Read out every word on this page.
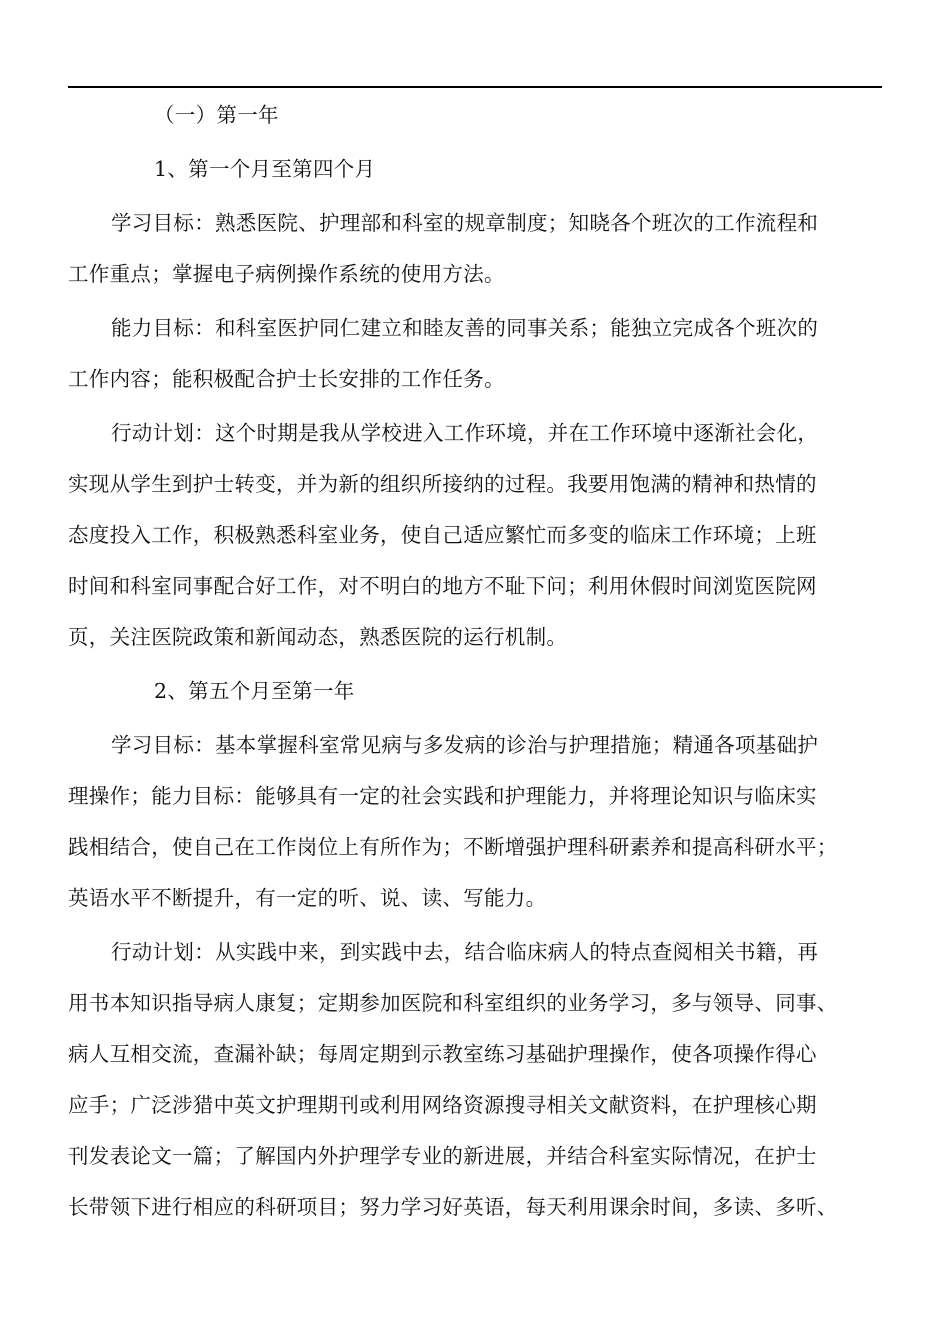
（一）第一年
1、第一个月至第四个月
学习目标：熟悉医院、护理部和科室的规章制度；知晓各个班次的工作流程和
工作重点；掌握电子病例操作系统的使用方法。
能力目标：和科室医护同仁建立和睦友善的同事关系；能独立完成各个班次的
工作内容；能积极配合护士长安排的工作任务。
行动计划：这个时期是我从学校进入工作环境，并在工作环境中逐渐社会化，
实现从学生到护士转变，并为新的组织所接纳的过程。我要用饱满的精神和热情的
态度投入工作，积极熟悉科室业务，使自己适应繁忙而多变的临床工作环境；上班
时间和科室同事配合好工作，对不明白的地方不耻下问；利用休假时间浏览医院网
页，关注医院政策和新闻动态，熟悉医院的运行机制。
2、第五个月至第一年
学习目标：基本掌握科室常见病与多发病的诊治与护理措施；精通各项基础护
理操作；能力目标：能够具有一定的社会实践和护理能力，并将理论知识与临床实
践相结合，使自己在工作岗位上有所作为；不断增强护理科研素养和提高科研水平；
英语水平不断提升，有一定的听、说、读、写能力。
行动计划：从实践中来，到实践中去，结合临床病人的特点查阅相关书籍，再
用书本知识指导病人康复；定期参加医院和科室组织的业务学习，多与领导、同事、
病人互相交流，查漏补缺；每周定期到示教室练习基础护理操作，使各项操作得心
应手；广泛涉猎中英文护理期刊或利用网络资源搜寻相关文献资料，在护理核心期
刊发表论文一篇；了解国内外护理学专业的新进展，并结合科室实际情况，在护士
长带领下进行相应的科研项目；努力学习好英语，每天利用课余时间，多读、多听、
